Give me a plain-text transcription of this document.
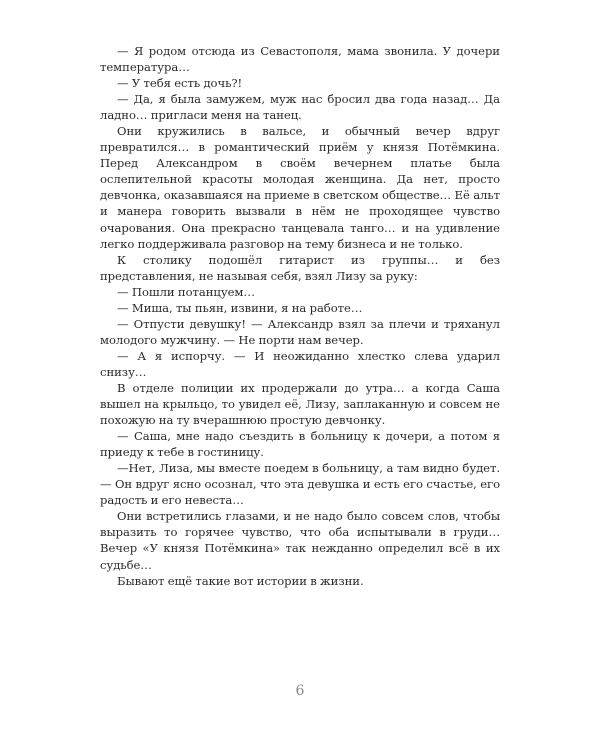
— Я родом отсюда из Севастополя, мама звонила. У дочери температура…

— У тебя есть дочь?!

— Да, я была замужем, муж нас бросил два года назад… Да ладно… пригласи меня на танец.

Они кружились в вальсе, и обычный вечер вдруг превратился… в романтический приём у князя Потёмкина. Перед Александром в своём вечернем платье была ослепительной красоты молодая женщина. Да нет, просто девчонка, оказавшаяся на приеме в светском обществе… Её альт и манера говорить вызвали в нём не проходящее чувство очарования. Она прекрасно танцевала танго… и на удивление легко поддерживала разговор на тему бизнеса и не только.

К столику подошёл гитарист из группы… и без представления, не называя себя, взял Лизу за руку:

— Пошли потанцуем…

— Миша, ты пьян, извини, я на работе…

— Отпусти девушку! — Александр взял за плечи и тряханул молодого мужчину. — Не порти нам вечер.

— А я испорчу. — И неожиданно хлестко слева ударил снизу…

В отделе полиции их продержали до утра… а когда Саша вышел на крыльцо, то увидел её, Лизу, заплаканную и совсем не похожую на ту вчерашнюю простую девчонку.

— Саша, мне надо съездить в больницу к дочери, а потом я приеду к тебе в гостиницу.

—Нет, Лиза, мы вместе поедем в больницу, а там видно будет. — Он вдруг ясно осознал, что эта девушка и есть его счастье, его радость и его невеста…

Они встретились глазами, и не надо было совсем слов, чтобы выразить то горячее чувство, что оба испытывали в груди… Вечер «У князя Потёмкина» так нежданно определил всё в их судьбе…

Бывают ещё такие вот истории в жизни.

6
